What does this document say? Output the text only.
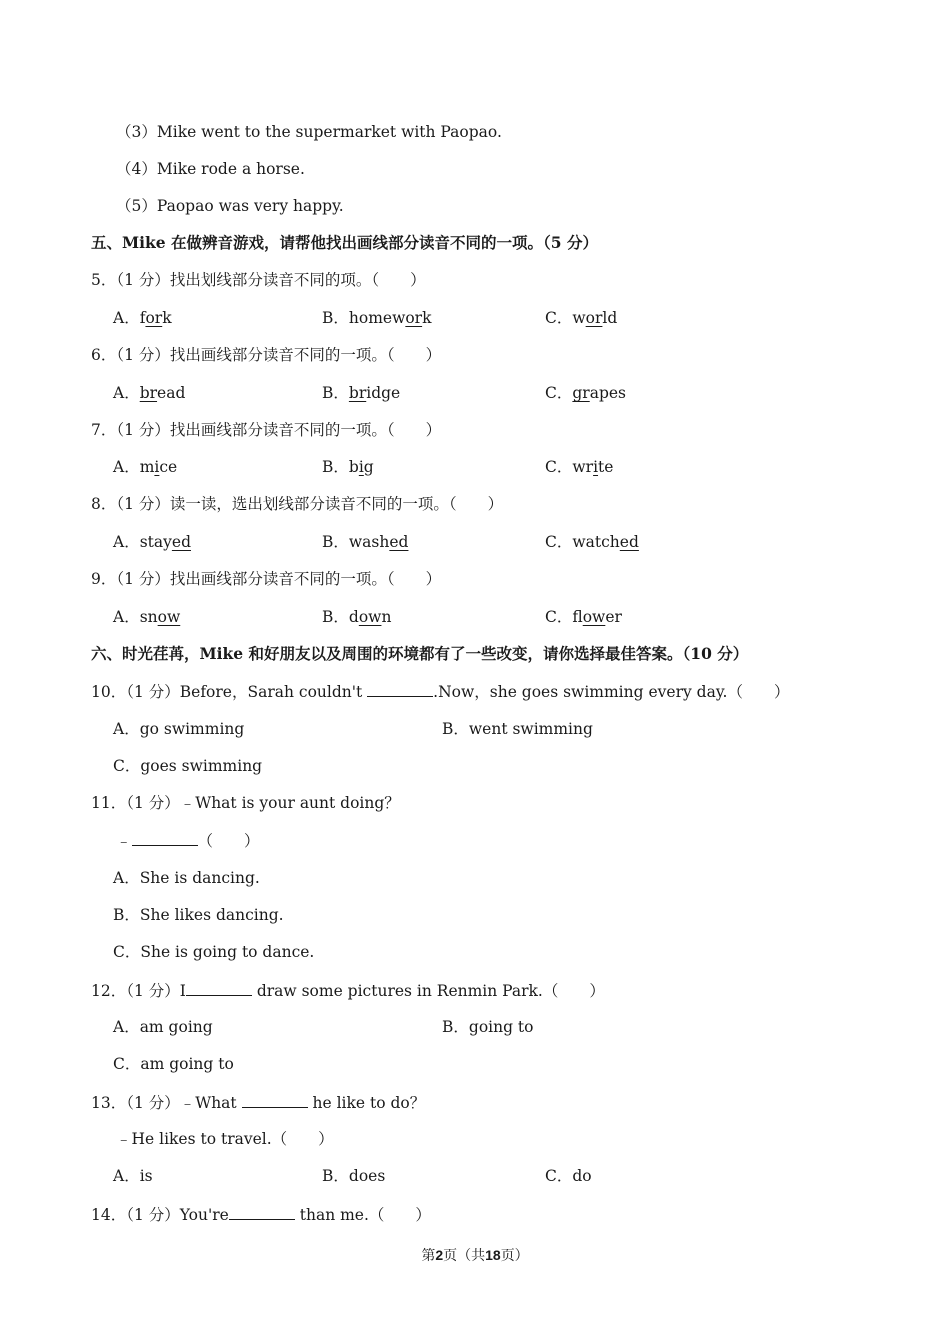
（3）Mike went to the supermarket with Paopao.
（4）Mike rode a horse.
（5）Paopao was very happy.
五、Mike 在做辨音游戏，请帮他找出画线部分读音不同的一项。（5 分）
5．（1 分）找出划线部分读音不同的项。（　　）
A．fork	B．homework	C．world
6．（1 分）找出画线部分读音不同的一项。（　　）
A．bread	B．bridge	C．grapes
7．（1 分）找出画线部分读音不同的一项。（　　）
A．mice	B．big	C．write
8．（1 分）读一读，选出划线部分读音不同的一项。（　　）
A．stayed	B．washed	C．watched
9．（1 分）找出画线部分读音不同的一项。（　　）
A．snow	B．down	C．flower
六、时光荏苒，Mike 和好朋友以及周围的环境都有了一些改变，请你选择最佳答案。（10 分）
10．（1 分）Before，Sarah couldn't	.Now，she goes swimming every day.（　　）
A．go swimming	B．went swimming
C．goes swimming
11．（1 分）﹣What is your aunt doing？
﹣	（　　）
A．She is dancing.
B．She likes dancing.
C．She is going to dance.
12．（1 分）I	draw some pictures in Renmin Park.（　　）
A．am going	B．going to
C．am going to
13．（1 分）﹣What	he like to do？
﹣He likes to travel.（　　）
A．is	B．does	C．do
14．（1 分）You're	than me.（　　）
第2页（共18页）
